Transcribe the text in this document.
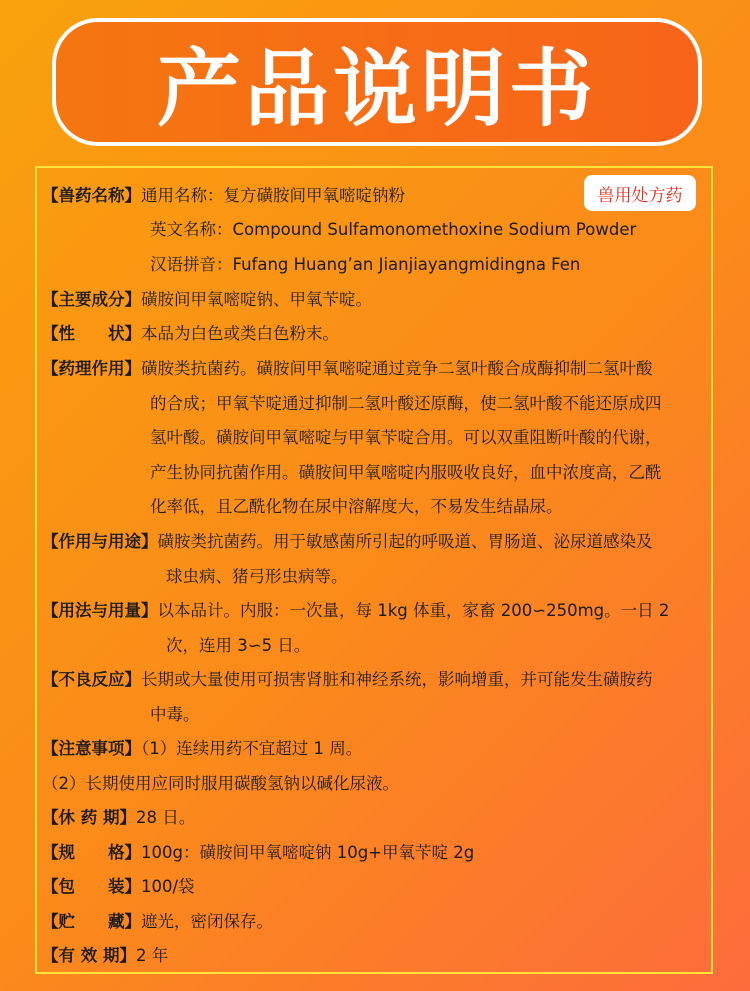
产品说明书
兽用处方药
【兽药名称】通用名称：复方磺胺间甲氧嘧啶钠粉
英文名称：Compound Sulfamonomethoxine Sodium Powder
汉语拼音：Fufang Huang’an Jianjiayangmidingna Fen
【主要成分】磺胺间甲氧嘧啶钠、甲氧苄啶。
【性　　状】本品为白色或类白色粉末。
【药理作用】磺胺类抗菌药。磺胺间甲氧嘧啶通过竞争二氢叶酸合成酶抑制二氢叶酸
的合成；甲氧苄啶通过抑制二氢叶酸还原酶，使二氢叶酸不能还原成四
氢叶酸。磺胺间甲氧嘧啶与甲氧苄啶合用。可以双重阻断叶酸的代谢，
产生协同抗菌作用。磺胺间甲氧嘧啶内服吸收良好，血中浓度高，乙酰
化率低，且乙酰化物在尿中溶解度大，不易发生结晶尿。
【作用与用途】磺胺类抗菌药。用于敏感菌所引起的呼吸道、胃肠道、泌尿道感染及
球虫病、猪弓形虫病等。
【用法与用量】以本品计。内服：一次量，每 1kg 体重，家畜 200∽250mg。一日 2
次，连用 3∽5 日。
【不良反应】长期或大量使用可损害肾脏和神经系统，影响增重，并可能发生磺胺药
中毒。
【注意事项】（1）连续用药不宜超过 1 周。
（2）长期使用应同时服用碳酸氢钠以碱化尿液。
【休 药 期】28 日。
【规　　格】100g：磺胺间甲氧嘧啶钠 10g+甲氧苄啶 2g
【包　　装】100/袋
【贮　　藏】遮光，密闭保存。
【有 效 期】2 年
